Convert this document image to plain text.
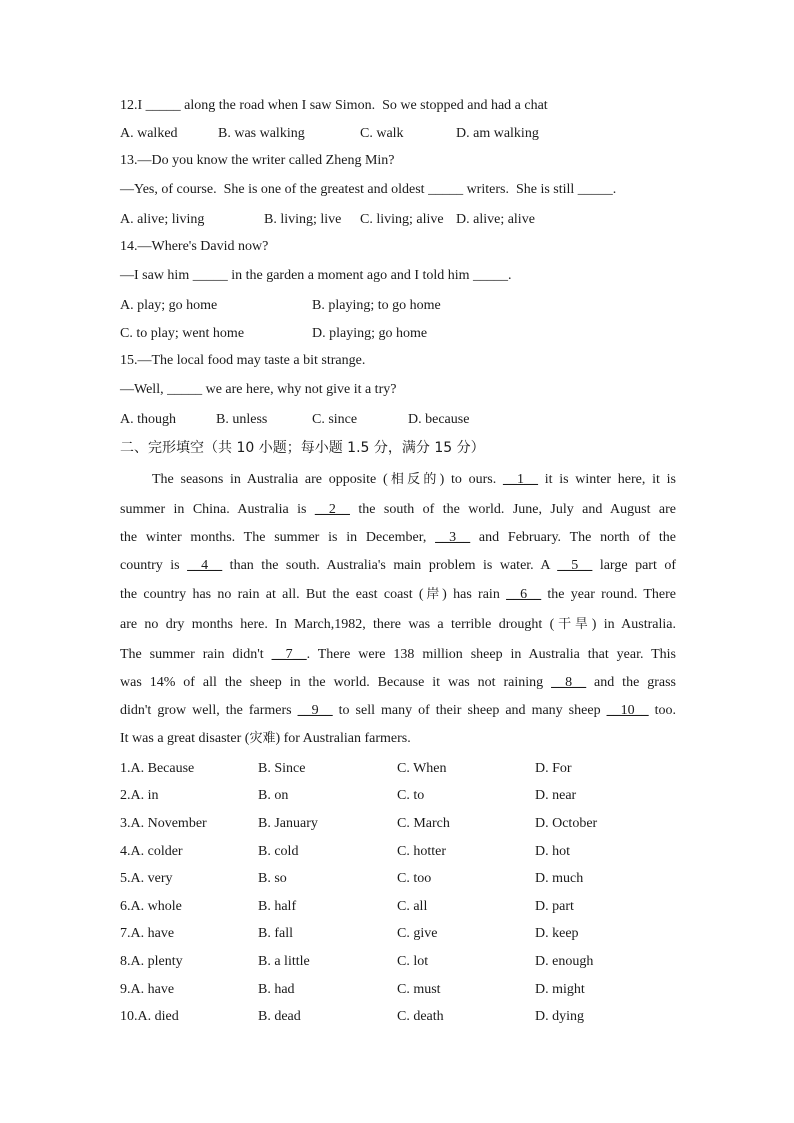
12.I _____ along the road when I saw Simon.  So we stopped and had a chat
A. walked	B. was walking	C. walk	D. am walking
13.—Do you know the writer called Zheng Min?
—Yes, of course.  She is one of the greatest and oldest _____ writers.  She is still _____.
A. alive; living	B. living; live C. living; alive D. alive; alive
14.—Where's David now?
—I saw him _____ in the garden a moment ago and I told him _____.
A. play; go home	B. playing; to go home
C. to play; went home	D. playing; go home
15.—The local food may taste a bit strange.
—Well, _____ we are here, why not give it a try?
A. though	B. unless	C. since	D. because
二、完形填空（共 10 小题；每小题 1.5 分，满分 15 分）
The seasons in Australia are opposite (相反的) to ours. __1__ it is winter here, it is
summer in China. Australia is __2__ the south of the world. June, July and August are
the winter months. The summer is in December, __3__ and February. The north of the
country is __4__ than the south. Australia's main problem is water. A __5__ large part of
the country has no rain at all. But the east coast (岸) has rain __6__ the year round. There
are no dry months here. In March,1982, there was a terrible drought (干旱) in Australia.
The summer rain didn't __7__. There were 138 million sheep in Australia that year. This
was 14% of all the sheep in the world. Because it was not raining __8__ and the grass
didn't grow well, the farmers __9__ to sell many of their sheep and many sheep __10__ too.
It was a great disaster (灾难) for Australian farmers.
1.A. Because	B. Since	C. When	D. For
2.A. in	B. on	C. to	D. near
3.A. November	B. January	C. March	D. October
4.A. colder	B. cold	C. hotter	D. hot
5.A. very	B. so	C. too	D. much
6.A. whole	B. half	C. all	D. part
7.A. have	B. fall	C. give	D. keep
8.A. plenty	B. a little	C. lot	D. enough
9.A. have	B. had	C. must	D. might
10.A. died	B. dead	C. death	D. dying
